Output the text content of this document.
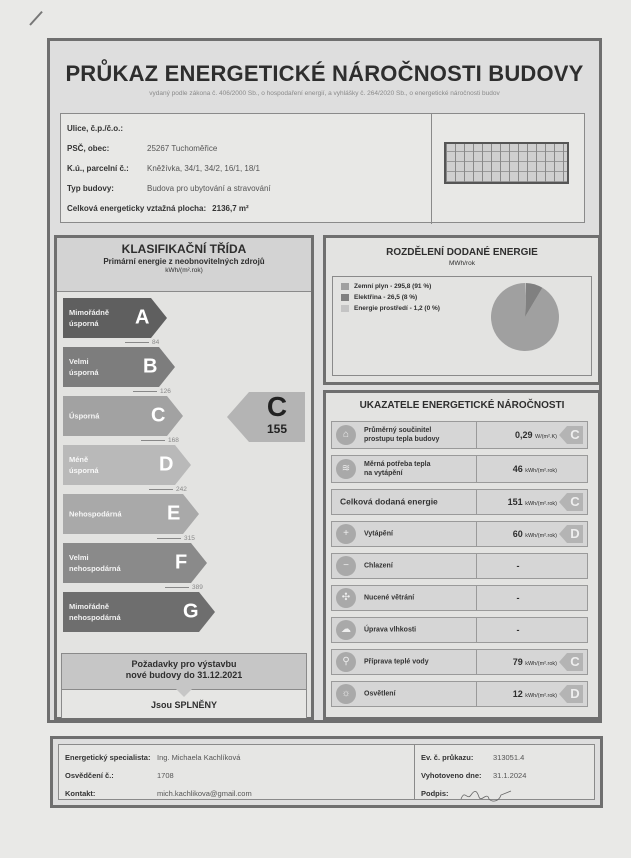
PRŮKAZ ENERGETICKÉ NÁROČNOSTI BUDOVY
vydaný podle zákona č. 406/2000 Sb., o hospodaření energií, a vyhlášky č. 264/2020 Sb., o energetické náročnosti budov
Ulice, č.p./č.o.:
PSČ, obec:	25267 Tuchoměřice
K.ú., parcelní č.:	Kněžívka, 34/1, 34/2, 16/1, 18/1
Typ budovy:	Budova pro ubytování a stravování
Celková energeticky vztažná plocha: 2136,7 m²
KLASIFIKAČNÍ TŘÍDA
Primární energie z neobnovitelných zdrojů
kWh/(m².rok)
Mimořádně
úsporná	A
84
Velmi
úsporná B
126
Úsporná	C
168
Méně úsporná	D
242
Nehospodárná E
315
Velmi
nehospodárná	F
389
Mimořádně
nehospodárná	G
C
155
Požadavky pro výstavbu
nové budovy do 31.12.2021
Jsou SPLNĚNY
ROZDĚLENÍ DODANÉ ENERGIE
MWh/rok
Zemní plyn - 295,8 (91 %)
Elektřina - 26,5 (8 %)
Energie prostředí - 1,2 (0 %)
UKAZATELE ENERGETICKÉ NÁROČNOSTI
⌂	Průměrný součinitel
prostupu tepla budovy	0,29 W/(m².K) C
≋	Měrná potřeba tepla
na vytápění	46 kWh/(m².rok)
Celková dodaná energie	151 kWh/(m².rok) C
+	Vytápění	60 kWh/(m².rok) D
−	Chlazení	-
✣	Nucené větrání	-
☁	Úprava vlhkosti	-
⚲	Příprava teplé vody	79 kWh/(m².rok) C
☼	Osvětlení	12 kWh/(m².rok) D
Energetický specialista: Ing. Michaela Kachlíková
Osvědčení č.:	1708
Kontakt:	mich.kachlikova@gmail.com
Ev. č. průkazu:	313051.4
Vyhotoveno dne:	31.1.2024
Podpis:
